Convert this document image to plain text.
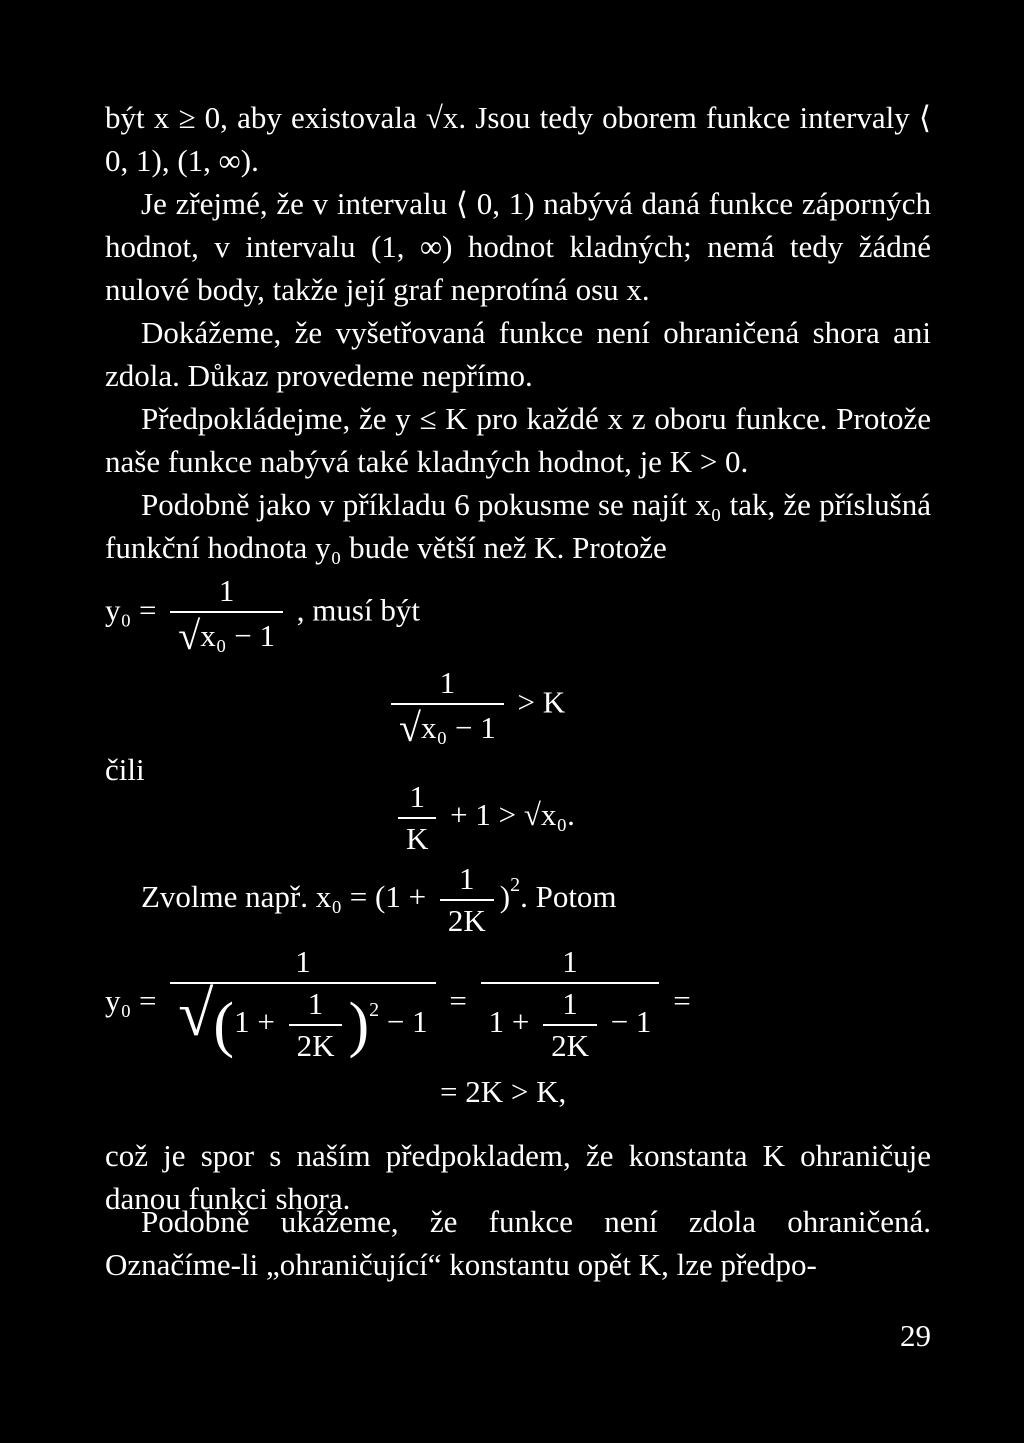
být x ≥ 0, aby existovala √x. Jsou tedy oborem funkce intervaly ⟨ 0, 1), (1, ∞).

Je zřejmé, že v intervalu ⟨ 0, 1) nabývá daná funkce záporných hodnot, v intervalu (1, ∞) hodnot kladných; nemá tedy žádné nulové body, takže její graf neprotíná osu x.

Dokážeme, že vyšetřovaná funkce není ohraničená shora ani zdola. Důkaz provedeme nepřímo.

Předpokládejme, že y ≤ K pro každé x z oboru funkce. Protože naše funkce nabývá také kladných hodnot, je K > 0.

Podobně jako v příkladu 6 pokusme se najít x₀ tak, že příslušná funkční hodnota y₀ bude větší než K. Protože

$y_0 = \frac{1}{\text{√x₀ − 1}}$ , musí být
$\frac{1}{\text{√x₀ − 1}} > K$
čili
$\frac{1}{K} + 1 > √x_0$.
Zvolme např. $x_0 = (1 + \frac{1}{2K} )^2$. Potom
y₀ =
1
$√(1 + \frac{1}{2K} )^2 - 1$
= $\frac{1}{1 + \frac{1}{2K} - 1}$ =
= 2K > K,

což je spor s naším předpokladem, že konstanta K ohraničuje danou funkci shora.

Podobně ukážeme, že funkce není zdola ohraničená. Označíme-li „ohraničující“ konstantu opět K, lze předpo-

29
